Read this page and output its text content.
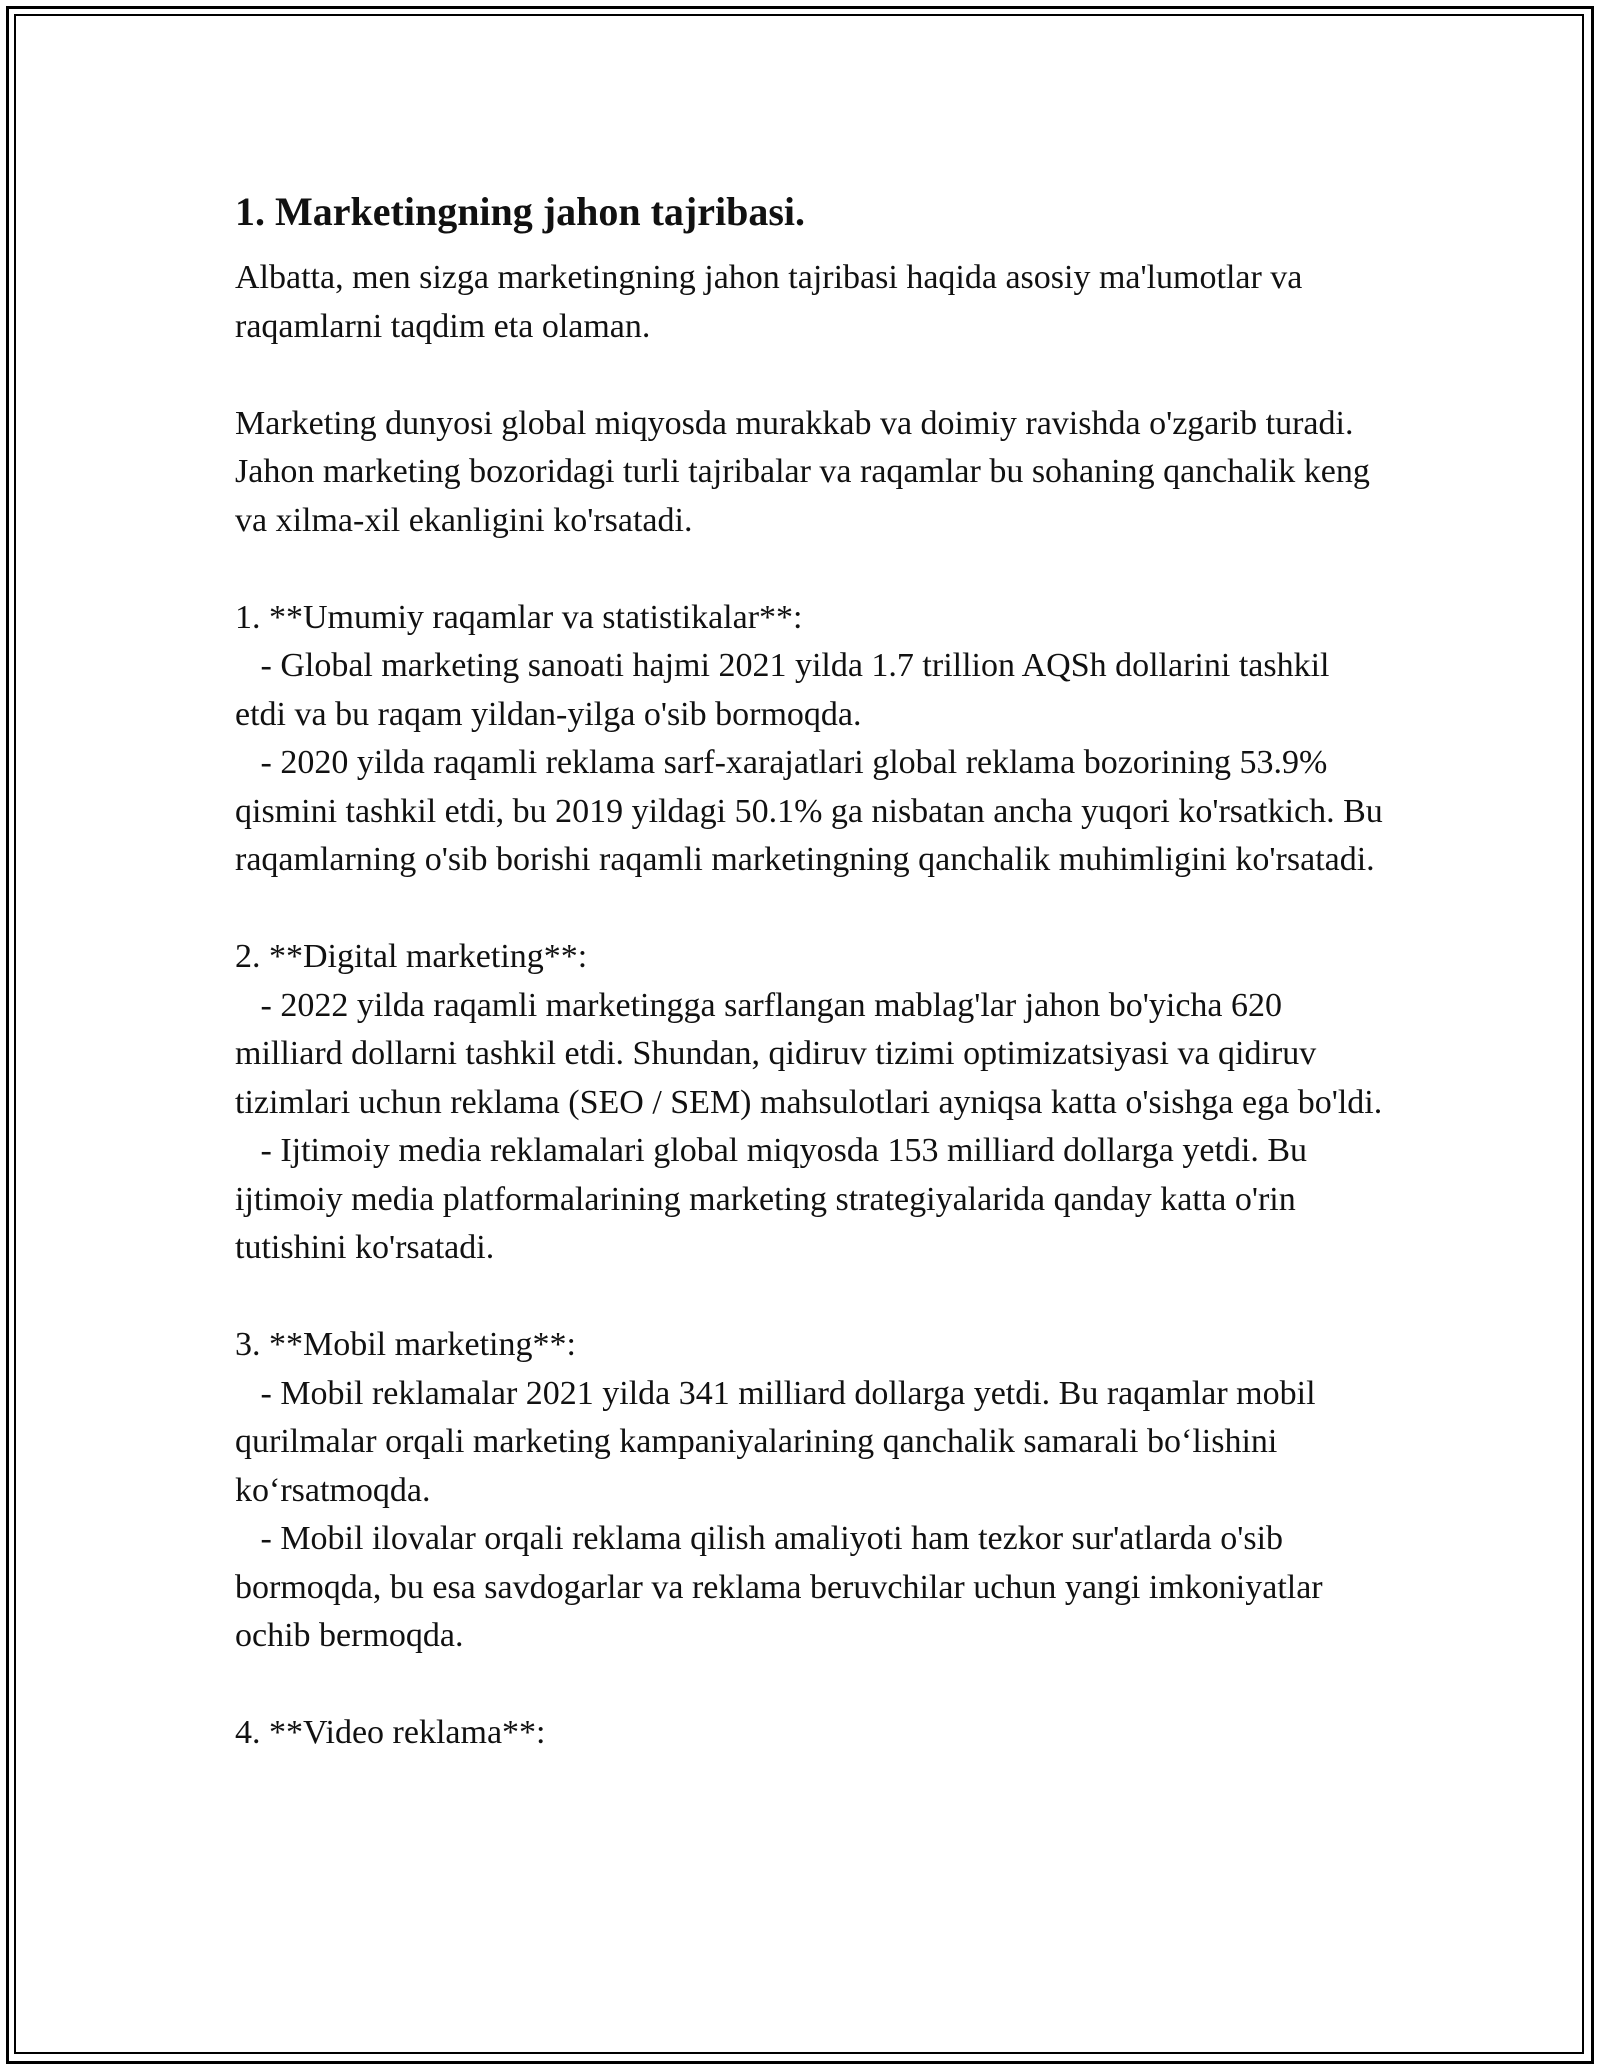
1. Marketingning jahon tajribasi.

Albatta, men sizga marketingning jahon tajribasi haqida asosiy ma'lumotlar va raqamlarni taqdim eta olaman.

Marketing dunyosi global miqyosda murakkab va doimiy ravishda o'zgarib turadi. Jahon marketing bozoridagi turli tajribalar va raqamlar bu sohaning qanchalik keng va xilma-xil ekanligini ko'rsatadi.

1. **Umumiy raqamlar va statistikalar**:

- Global marketing sanoati hajmi 2021 yilda 1.7 trillion AQSh dollarini tashkil etdi va bu raqam yildan-yilga o'sib bormoqda.

- 2020 yilda raqamli reklama sarf-xarajatlari global reklama bozorining 53.9% qismini tashkil etdi, bu 2019 yildagi 50.1% ga nisbatan ancha yuqori ko'rsatkich. Bu raqamlarning o'sib borishi raqamli marketingning qanchalik muhimligini ko'rsatadi.

2. **Digital marketing**:

- 2022 yilda raqamli marketingga sarflangan mablag'lar jahon bo'yicha 620 milliard dollarni tashkil etdi. Shundan, qidiruv tizimi optimizatsiyasi va qidiruv tizimlari uchun reklama (SEO / SEM) mahsulotlari ayniqsa katta o'sishga ega bo'ldi.

- Ijtimoiy media reklamalari global miqyosda 153 milliard dollarga yetdi. Bu ijtimoiy media platformalarining marketing strategiyalarida qanday katta o'rin tutishini ko'rsatadi.

3. **Mobil marketing**:

- Mobil reklamalar 2021 yilda 341 milliard dollarga yetdi. Bu raqamlar mobil qurilmalar orqali marketing kampaniyalarining qanchalik samarali bo‘lishini ko‘rsatmoqda.

- Mobil ilovalar orqali reklama qilish amaliyoti ham tezkor sur'atlarda o'sib bormoqda, bu esa savdogarlar va reklama beruvchilar uchun yangi imkoniyatlar ochib bermoqda.

4. **Video reklama**:
